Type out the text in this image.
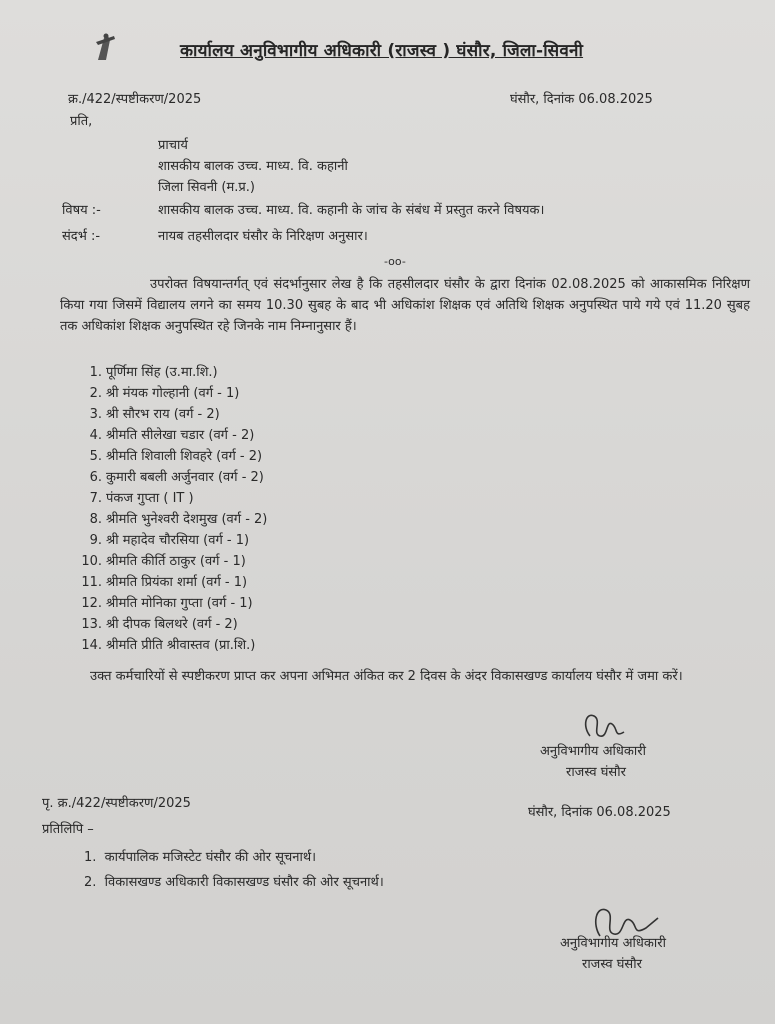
कार्यालय अनुविभागीय अधिकारी (राजस्व ) घंसौर, जिला-सिवनी
क्र./422/स्पष्टीकरण/2025	घंसौर, दिनांक 06.08.2025
प्रति,
प्राचार्य
शासकीय बालक उच्च. माध्य. वि. कहानी
जिला सिवनी (म.प्र.)
विषय :-	शासकीय बालक उच्च. माध्य. वि. कहानी के जांच के संबंध में प्रस्तुत करने विषयक।
संदर्भ :-	नायब तहसीलदार घंसौर के निरिक्षण अनुसार।
-oo-
उपरोक्त विषयान्तर्गत् एवं संदर्भानुसार लेख है कि तहसीलदार घंसौर के द्वारा दिनांक 02.08.2025 को आकासमिक निरिक्षण किया गया जिसमें विद्यालय लगने का समय 10.30 सुबह के बाद भी अधिकांश शिक्षक एवं अतिथि शिक्षक अनुपस्थित पाये गये एवं 11.20 सुबह तक अधिकांश शिक्षक अनुपस्थित रहे जिनके नाम निम्नानुसार हैं।
1. पूर्णिमा सिंह (उ.मा.शि.)
2. श्री मंयक गोल्हानी (वर्ग - 1)
3. श्री सौरभ राय (वर्ग - 2)
4. श्रीमति सीलेखा चडार (वर्ग - 2)
5. श्रीमति शिवाली शिवहरे (वर्ग - 2)
6. कुमारी बबली अर्जुनवार (वर्ग - 2)
7. पंकज गुप्ता ( IT )
8. श्रीमति भुनेश्वरी देशमुख (वर्ग - 2)
9. श्री महादेव चौरसिया (वर्ग - 1)
10. श्रीमति कीर्ति ठाकुर (वर्ग - 1)
11. श्रीमति प्रियंका शर्मा (वर्ग - 1)
12. श्रीमति मोनिका गुप्ता (वर्ग - 1)
13. श्री दीपक बिलथरे (वर्ग - 2)
14. श्रीमति प्रीति श्रीवास्तव (प्रा.शि.)
उक्त कर्मचारियों से स्पष्टीकरण प्राप्त कर अपना अभिमत अंकित कर 2 दिवस के अंदर विकासखण्ड कार्यालय घंसौर में जमा करें।
अनुविभागीय अधिकारी
राजस्व घंसौर
पृ. क्र./422/स्पष्टीकरण/2025
घंसौर, दिनांक 06.08.2025
प्रतिलिपि –
1. कार्यपालिक मजिस्टेट घंसौर की ओर सूचनार्थ।
2. विकासखण्ड अधिकारी विकासखण्ड घंसौर की ओर सूचनार्थ।
अनुविभागीय अधिकारी
राजस्व घंसौर
